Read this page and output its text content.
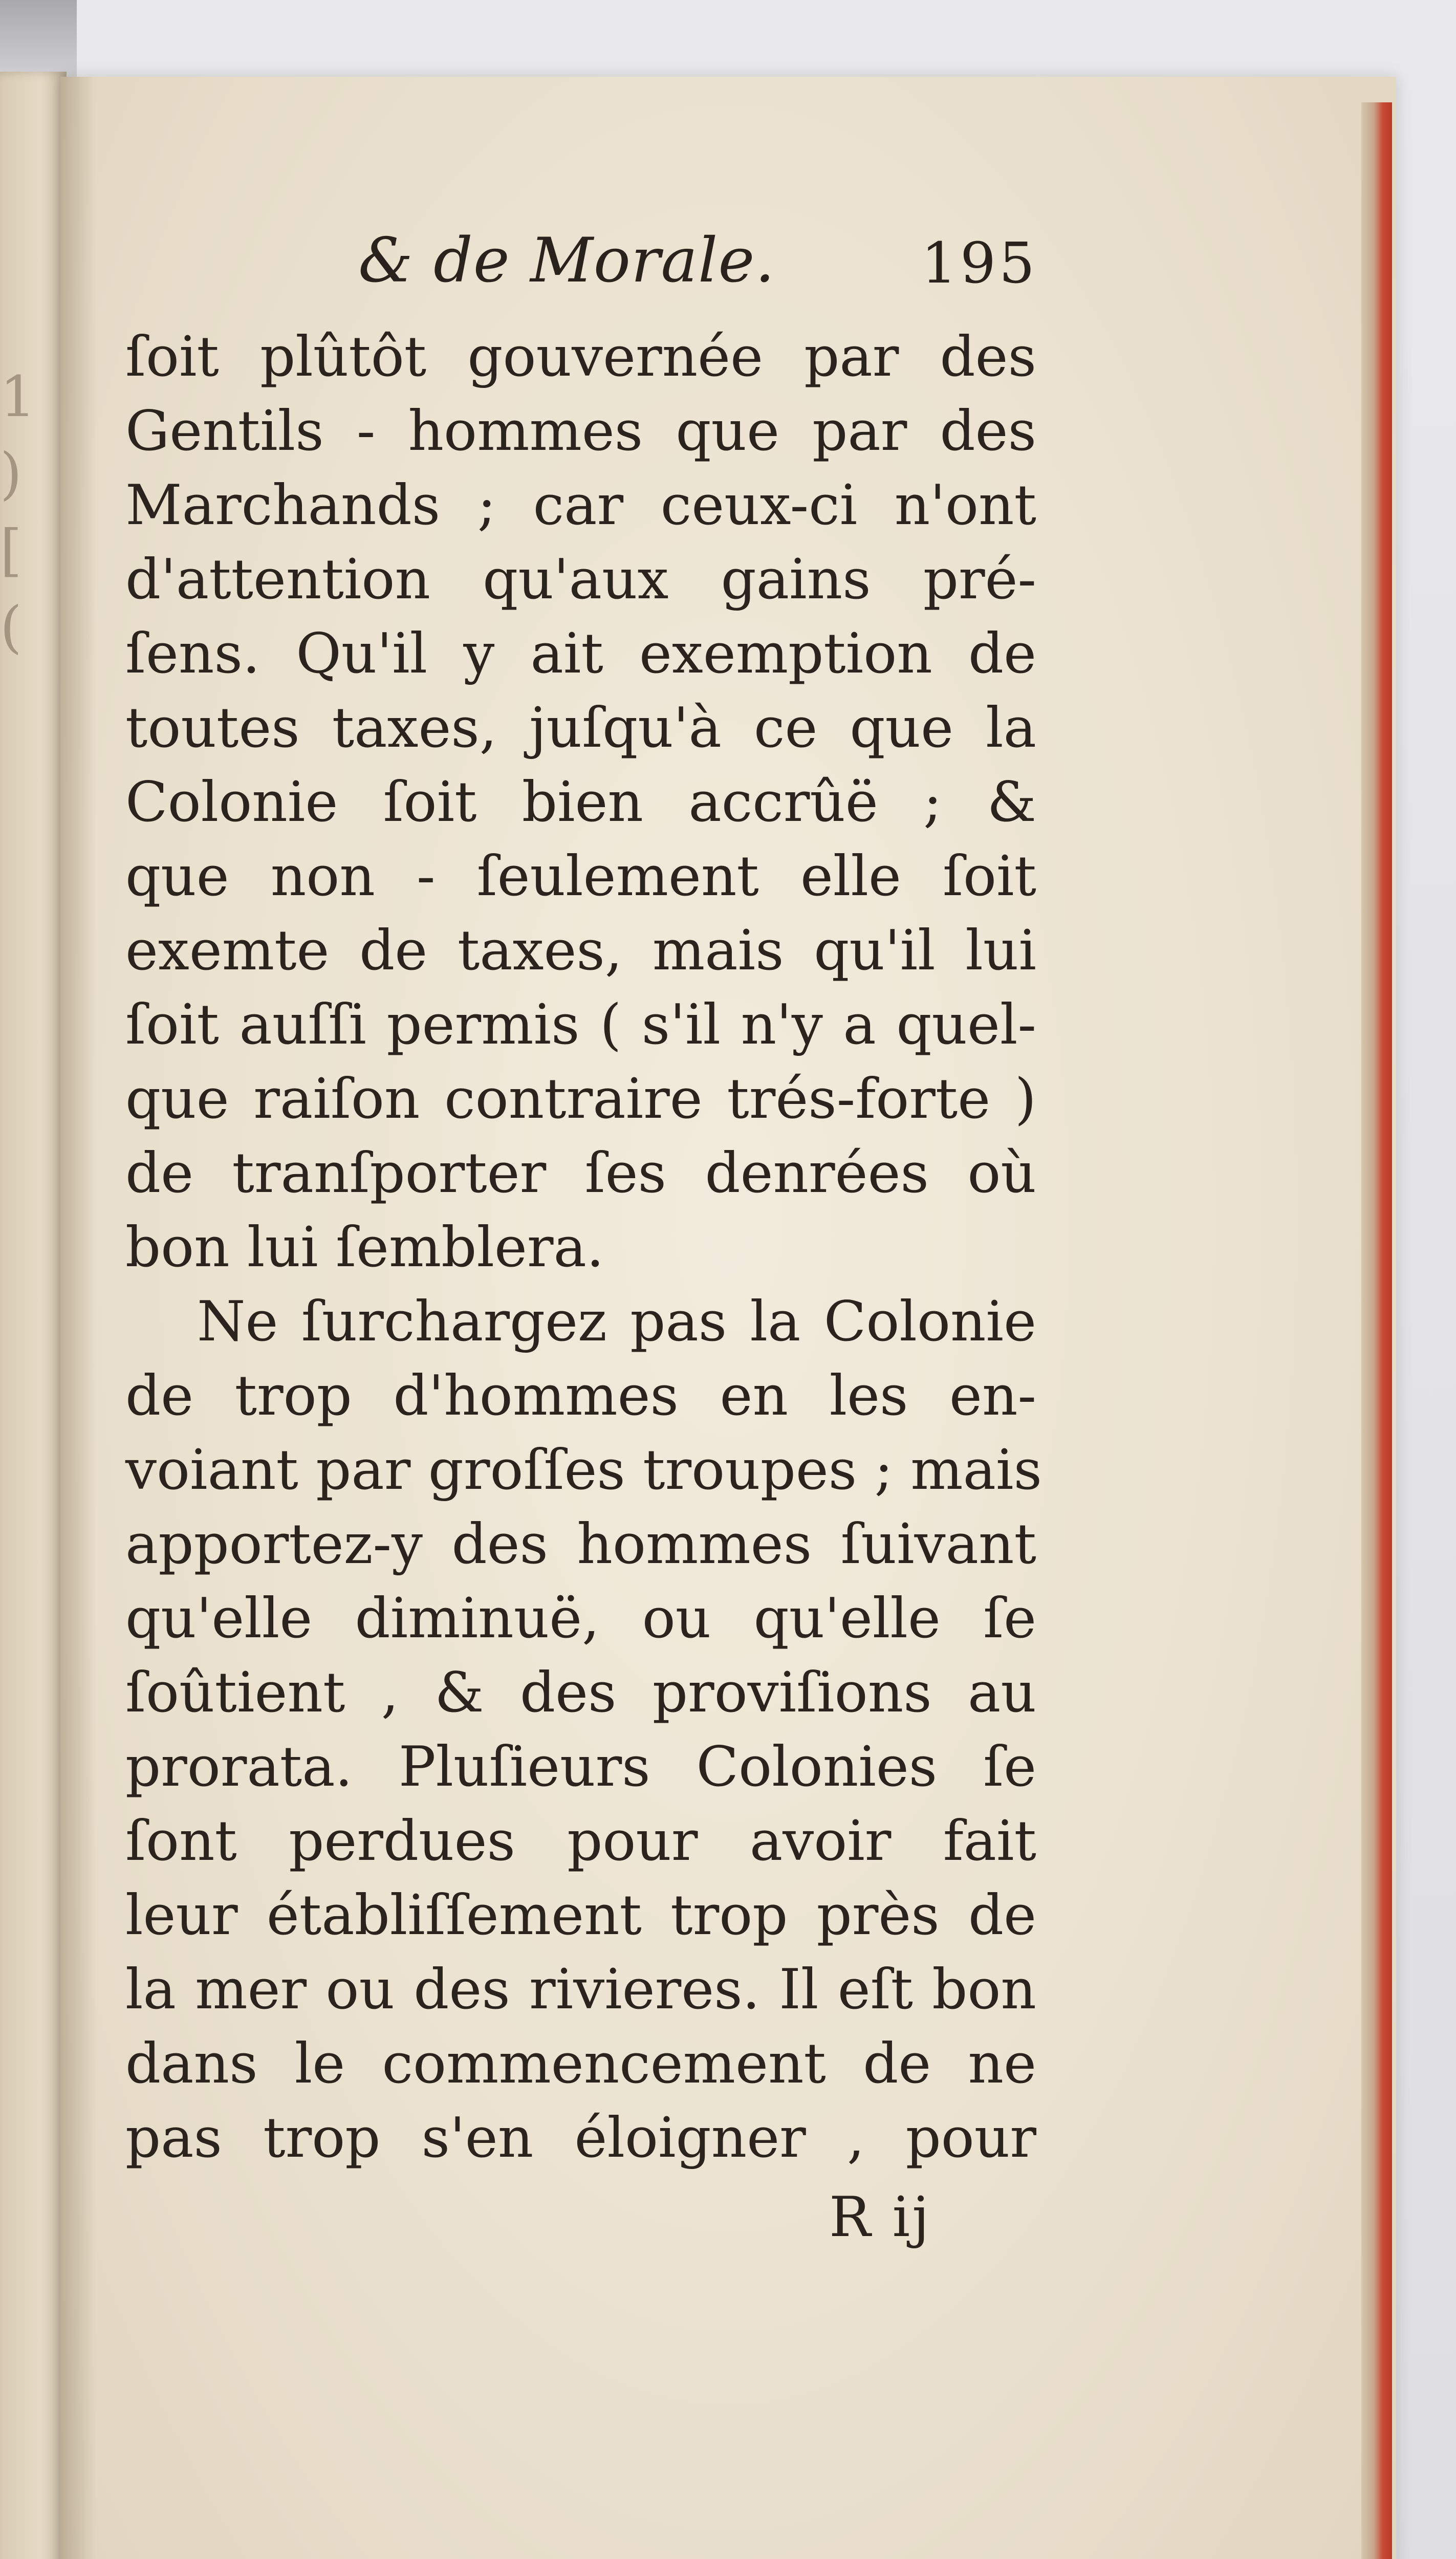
1
)
[
(
& de Morale.	195
ſoit plûtôt gouvernée par des
Gentils - hommes que par des
Marchands ; car ceux-ci n'ont
d'attention qu'aux gains pré-
ſens. Qu'il y ait exemption de
toutes taxes, juſqu'à ce que la
Colonie ſoit bien accrûë ; &
que non - ſeulement elle ſoit
exemte de taxes, mais qu'il lui
ſoit auſſi permis ( s'il n'y a quel-
que raiſon contraire trés-forte )
de tranſporter ſes denrées où
bon lui ſemblera.
Ne ſurchargez pas la Colonie
de trop d'hommes en les en-
voiant par groſſes troupes ; mais
apportez-y des hommes ſuivant
qu'elle diminuë, ou qu'elle ſe
ſoûtient , & des proviſions au
prorata. Pluſieurs Colonies ſe
ſont perdues pour avoir fait
leur établiſſement trop près de
la mer ou des rivieres. Il eſt bon
dans le commencement de ne
pas trop s'en éloigner , pour
R ij
